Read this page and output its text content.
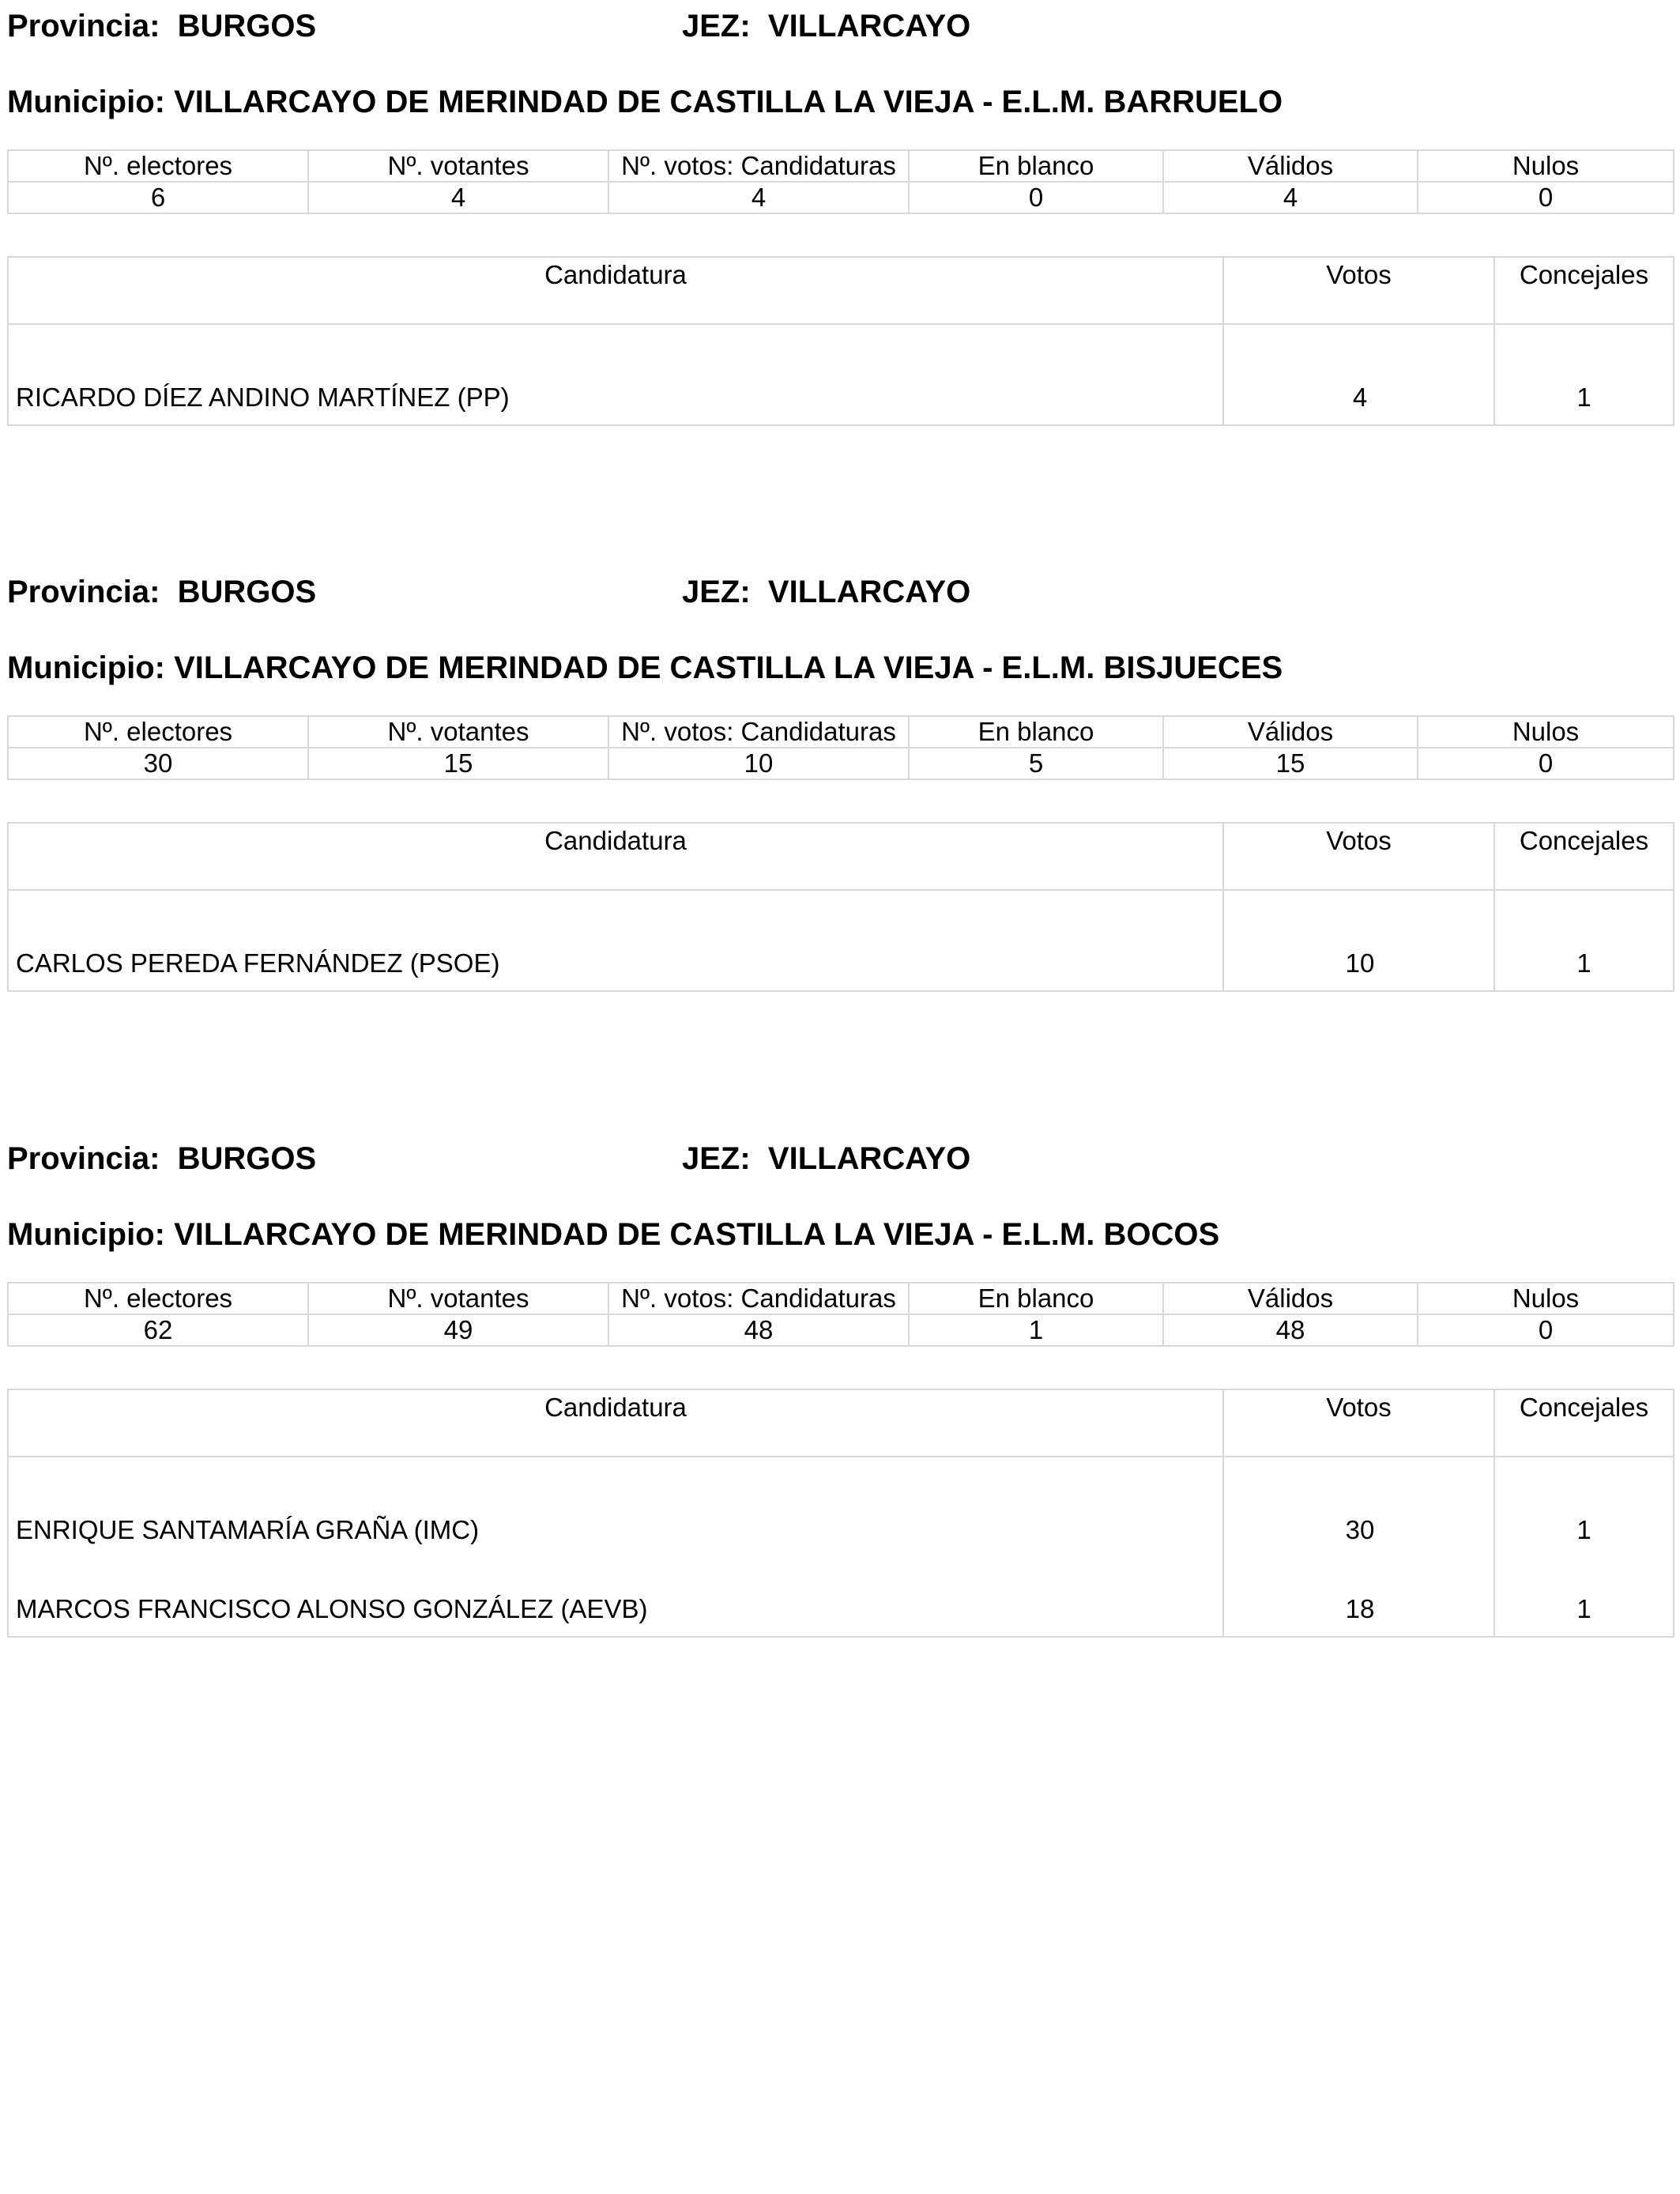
Provincia: BURGOS	JEZ: VILLARCAYO
Municipio: VILLARCAYO DE MERINDAD DE CASTILLA LA VIEJA - E.L.M. BARRUELO
Nº. electores	Nº. votantes	Nº. votos: Candidaturas	En blanco	Válidos	Nulos
6	4	4	0	4	0
Candidatura	Votos	Concejales
RICARDO DÍEZ ANDINO MARTÍNEZ (PP)	4	1
Provincia: BURGOS	JEZ: VILLARCAYO
Municipio: VILLARCAYO DE MERINDAD DE CASTILLA LA VIEJA - E.L.M. BISJUECES
Nº. electores	Nº. votantes	Nº. votos: Candidaturas	En blanco	Válidos	Nulos
30	15	10	5	15	0
Candidatura	Votos	Concejales
CARLOS PEREDA FERNÁNDEZ (PSOE)	10	1
Provincia: BURGOS	JEZ: VILLARCAYO
Municipio: VILLARCAYO DE MERINDAD DE CASTILLA LA VIEJA - E.L.M. BOCOS
Nº. electores	Nº. votantes	Nº. votos: Candidaturas	En blanco	Válidos	Nulos
62	49	48	1	48	0
Candidatura	Votos	Concejales
ENRIQUE SANTAMARÍA GRAÑA (IMC)	30	1
MARCOS FRANCISCO ALONSO GONZÁLEZ (AEVB)	18	1
